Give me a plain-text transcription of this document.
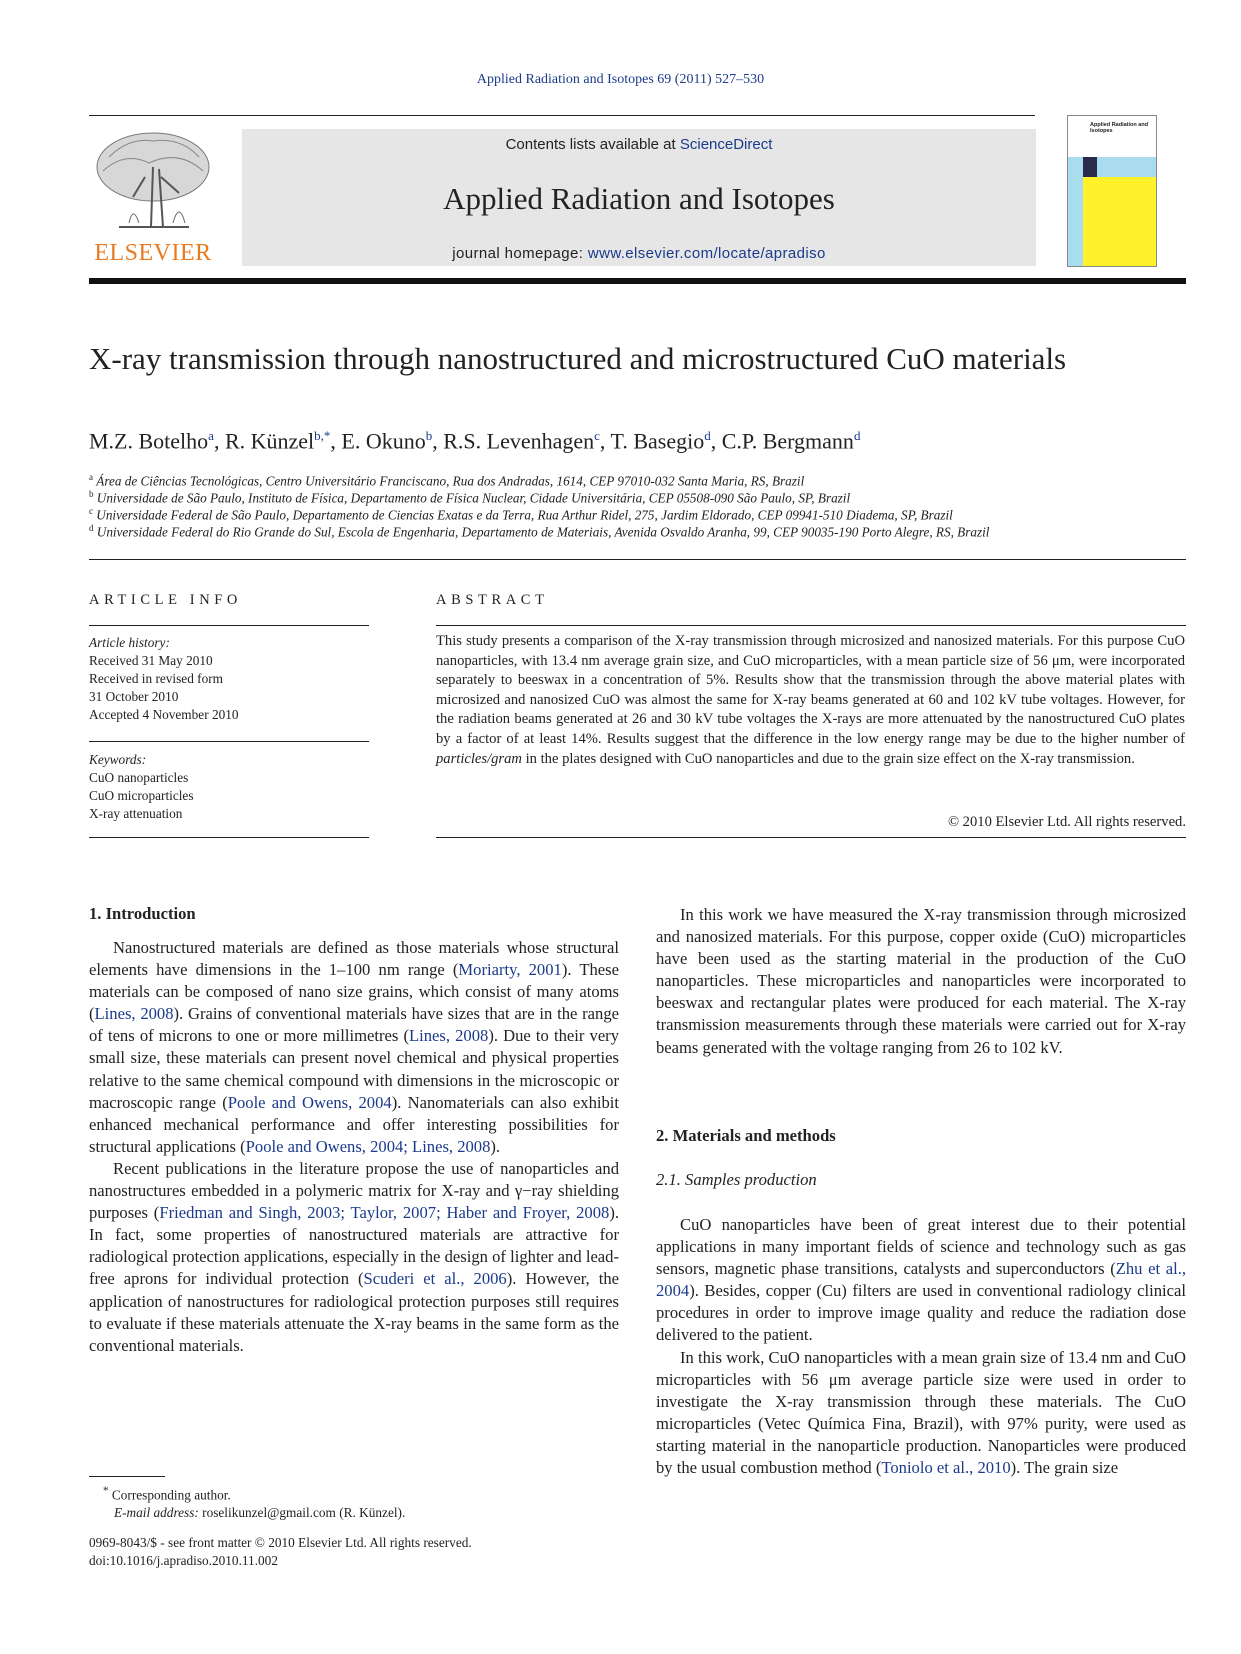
Applied Radiation and Isotopes 69 (2011) 527–530
ELSEVIER
Contents lists available at ScienceDirect
Applied Radiation and Isotopes
journal homepage: www.elsevier.com/locate/apradiso
Applied Radiation and
Isotopes
X-ray transmission through nanostructured and microstructured CuO materials
M.Z. Botelho$^a$, R. Künzel$^{b,*}$, E. Okuno$^b$, R.S. Levenhagen$^c$, T. Basegio$^d$, C.P. Bergmann$^d$
$^a$ Área de Ciências Tecnológicas, Centro Universitário Franciscano, Rua dos Andradas, 1614, CEP 97010-032 Santa Maria, RS, Brazil
$^b$ Universidade de São Paulo, Instituto de Física, Departamento de Física Nuclear, Cidade Universitária, CEP 05508-090 São Paulo, SP, Brazil
$^c$ Universidade Federal de São Paulo, Departamento de Ciencias Exatas e da Terra, Rua Arthur Ridel, 275, Jardim Eldorado, CEP 09941-510 Diadema, SP, Brazil
$^d$ Universidade Federal do Rio Grande do Sul, Escola de Engenharia, Departamento de Materiais, Avenida Osvaldo Aranha, 99, CEP 90035-190 Porto Alegre, RS, Brazil
ARTICLE INFO
Article history:
Received 31 May 2010
Received in revised form
31 October 2010
Accepted 4 November 2010
Keywords:
CuO nanoparticles
CuO microparticles
X-ray attenuation
ABSTRACT
This study presents a comparison of the X-ray transmission through microsized and nanosized materials. For this purpose CuO nanoparticles, with 13.4 nm average grain size, and CuO microparticles, with a mean particle size of 56 μm, were incorporated separately to beeswax in a concentration of 5%. Results show that the transmission through the above material plates with microsized and nanosized CuO was almost the same for X-ray beams generated at 60 and 102 kV tube voltages. However, for the radiation beams generated at 26 and 30 kV tube voltages the X-rays are more attenuated by the nanostructured CuO plates by a factor of at least 14%. Results suggest that the difference in the low energy range may be due to the higher number of particles/gram in the plates designed with CuO nanoparticles and due to the grain size effect on the X-ray transmission.
© 2010 Elsevier Ltd. All rights reserved.
1. Introduction

Nanostructured materials are defined as those materials whose structural elements have dimensions in the 1–100 nm range (Moriarty, 2001). These materials can be composed of nano size grains, which consist of many atoms (Lines, 2008). Grains of conventional materials have sizes that are in the range of tens of microns to one or more millimetres (Lines, 2008). Due to their very small size, these materials can present novel chemical and physical properties relative to the same chemical compound with dimensions in the microscopic or macroscopic range (Poole and Owens, 2004). Nanomaterials can also exhibit enhanced mechanical performance and offer interesting possibilities for structural applications (Poole and Owens, 2004; Lines, 2008).

Recent publications in the literature propose the use of nanoparticles and nanostructures embedded in a polymeric matrix for X-ray and γ−ray shielding purposes (Friedman and Singh, 2003; Taylor, 2007; Haber and Froyer, 2008). In fact, some properties of nanostructured materials are attractive for radiological protection applications, especially in the design of lighter and lead-free aprons for individual protection (Scuderi et al., 2006). However, the application of nanostructures for radiological protection purposes still requires to evaluate if these materials attenuate the X-ray beams in the same form as the conventional materials.

In this work we have measured the X-ray transmission through microsized and nanosized materials. For this purpose, copper oxide (CuO) microparticles have been used as the starting material in the production of the CuO nanoparticles. These microparticles and nanoparticles were incorporated to beeswax and rectangular plates were produced for each material. The X-ray transmission measurements through these materials were carried out for X-ray beams generated with the voltage ranging from 26 to 102 kV.

2. Materials and methods
2.1. Samples production

CuO nanoparticles have been of great interest due to their potential applications in many important fields of science and technology such as gas sensors, magnetic phase transitions, catalysts and superconductors (Zhu et al., 2004). Besides, copper (Cu) filters are used in conventional radiology clinical procedures in order to improve image quality and reduce the radiation dose delivered to the patient.

In this work, CuO nanoparticles with a mean grain size of 13.4 nm and CuO microparticles with 56 μm average particle size were used in order to investigate the X-ray transmission through these materials. The CuO microparticles (Vetec Química Fina, Brazil), with 97% purity, were used as starting material in the nanoparticle production. Nanoparticles were produced by the usual combustion method (Toniolo et al., 2010). The grain size

* Corresponding author.
E-mail address: roselikunzel@gmail.com (R. Künzel).
0969-8043/$ - see front matter © 2010 Elsevier Ltd. All rights reserved.
doi:10.1016/j.apradiso.2010.11.002
